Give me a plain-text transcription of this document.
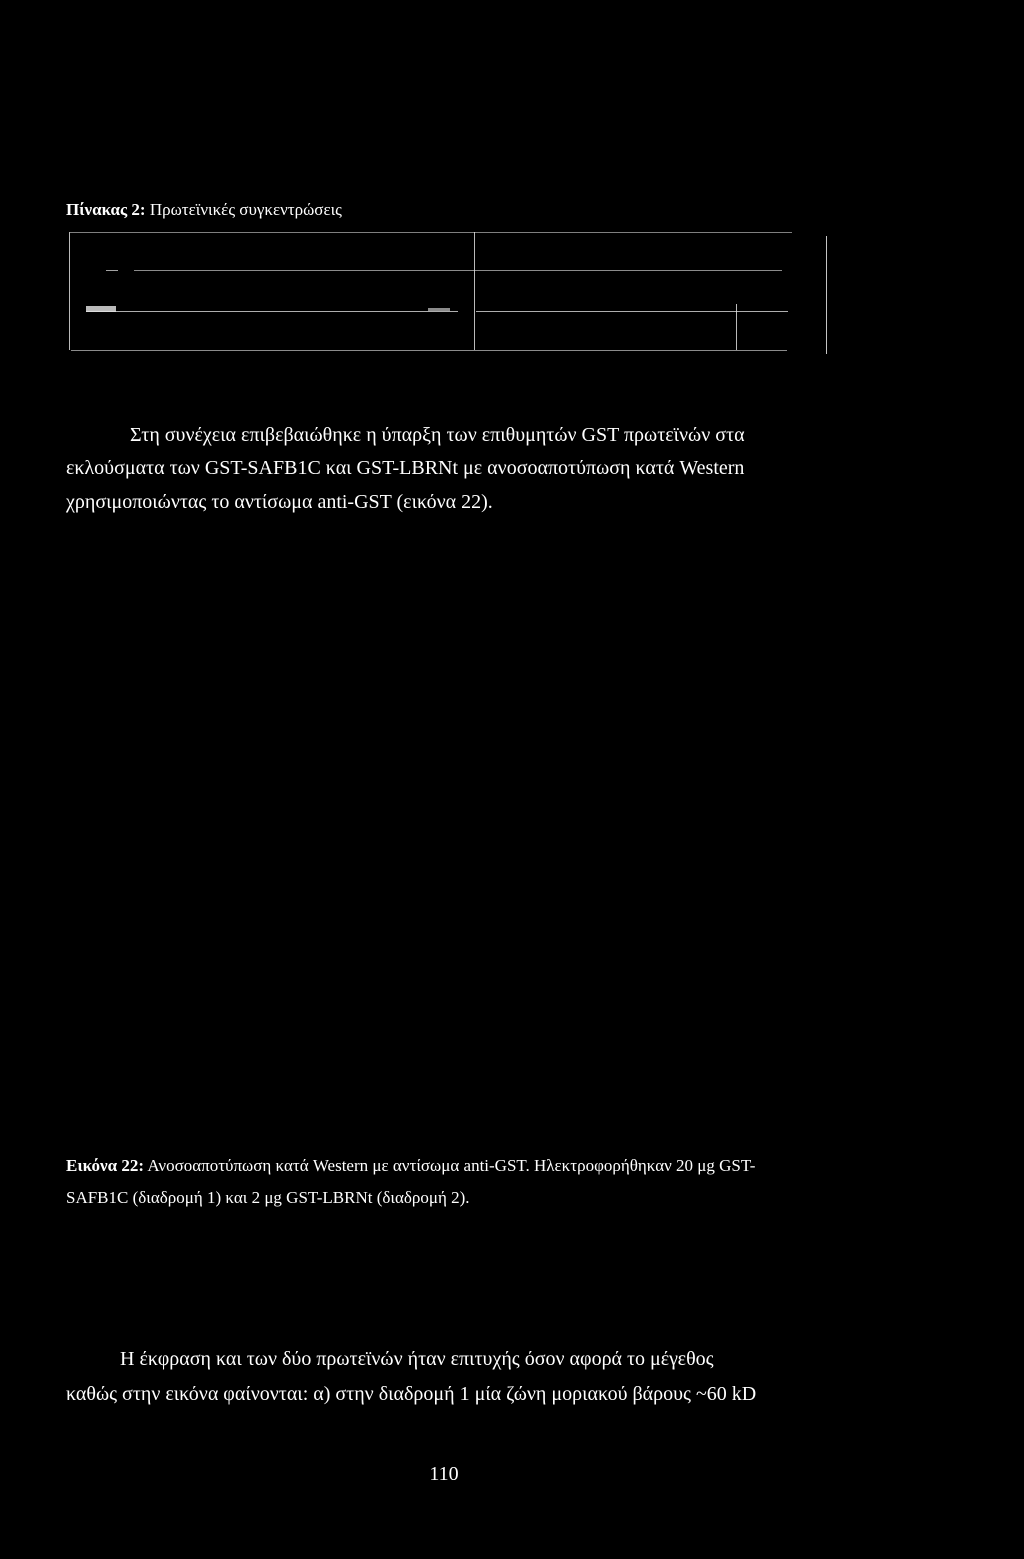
Πίνακας 2: Πρωτεϊνικές συγκεντρώσεις
Στη συνέχεια επιβεβαιώθηκε η ύπαρξη των επιθυμητών GST πρωτεϊνών στα
εκλούσματα των GST-SAFB1C και GST-LBRNt με ανοσοαποτύπωση κατά Western
χρησιμοποιώντας το αντίσωμα anti-GST (εικόνα 22).
Εικόνα 22: Ανοσοαποτύπωση κατά Western με αντίσωμα anti-GST. Ηλεκτροφορήθηκαν 20 μg GST-
SAFB1C (διαδρομή 1) και 2 μg GST-LBRNt (διαδρομή 2).
Η έκφραση και των δύο πρωτεϊνών ήταν επιτυχής όσον αφορά το μέγεθος
καθώς στην εικόνα φαίνονται: α) στην διαδρομή 1 μία ζώνη μοριακού βάρους ~60 kD
110
